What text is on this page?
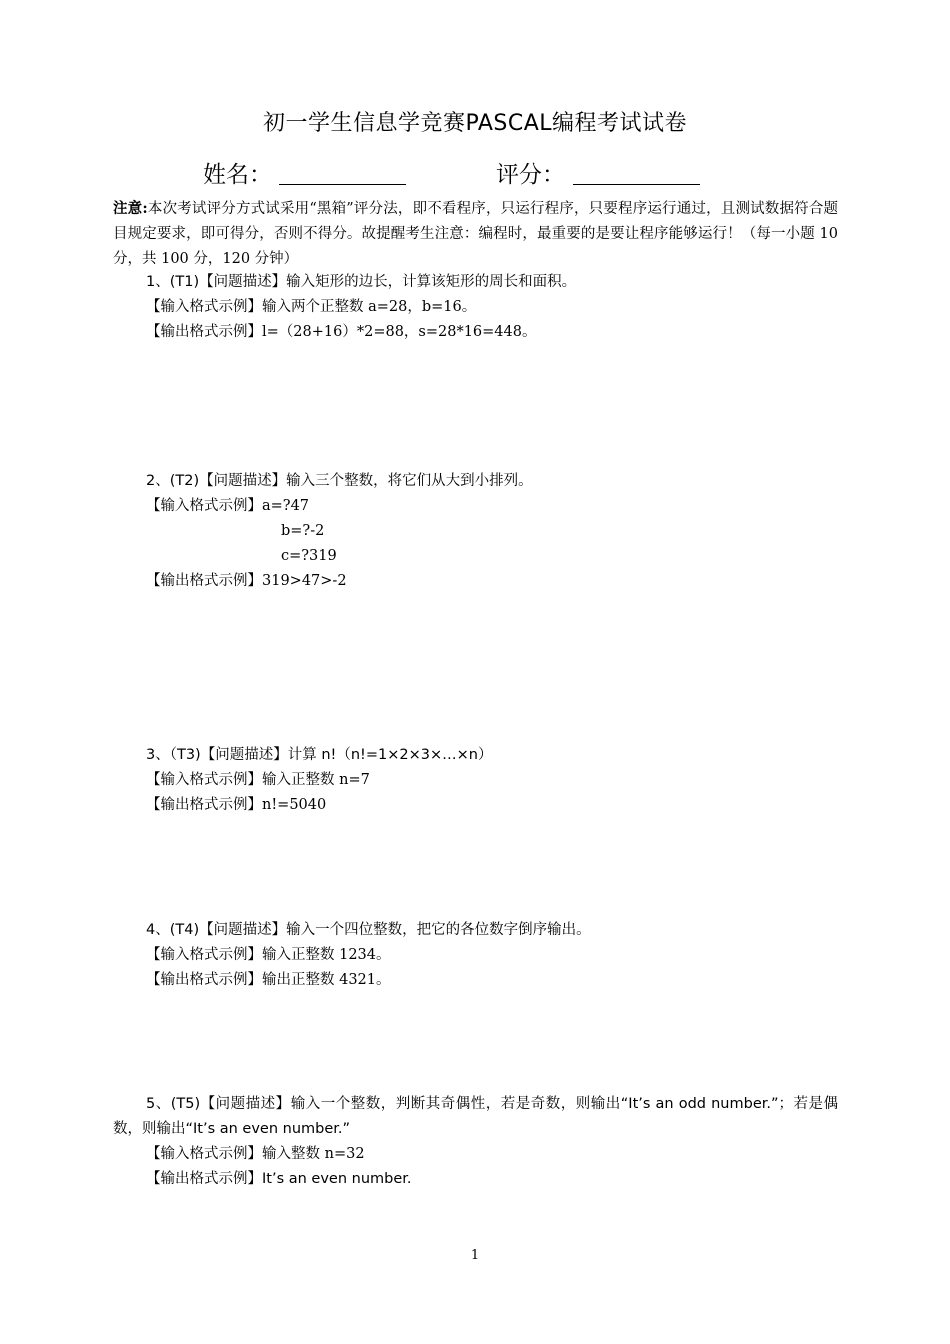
初一学生信息学竞赛PASCAL编程考试试卷
姓名：	评分：
注意:本次考试评分方式试采用“黑箱”评分法，即不看程序，只运行程序，只要程序运行通过，且测试数据符合题目规定要求，即可得分，否则不得分。故提醒考生注意：编程时，最重要的是要让程序能够运行！（每一小题 10 分，共 100 分，120 分钟）
1、(T1)【问题描述】输入矩形的边长，计算该矩形的周长和面积。
【输入格式示例】输入两个正整数 a=28，b=16。
【输出格式示例】l=（28+16）*2=88，s=28*16=448。
2、(T2)【问题描述】输入三个整数，将它们从大到小排列。
【输入格式示例】a=?47
b=?-2
c=?319
【输出格式示例】319>47>-2
3、（T3)【问题描述】计算 n!（n!=1×2×3×…×n）
【输入格式示例】输入正整数 n=7
【输出格式示例】n!=5040
4、(T4)【问题描述】输入一个四位整数，把它的各位数字倒序输出。
【输入格式示例】输入正整数 1234。
【输出格式示例】输出正整数 4321。
5、(T5)【问题描述】输入一个整数，判断其奇偶性，若是奇数，则输出“It’s an odd number.”；若是偶数，则输出“It’s an even number.”
【输入格式示例】输入整数 n=32
【输出格式示例】It’s an even number.
1
